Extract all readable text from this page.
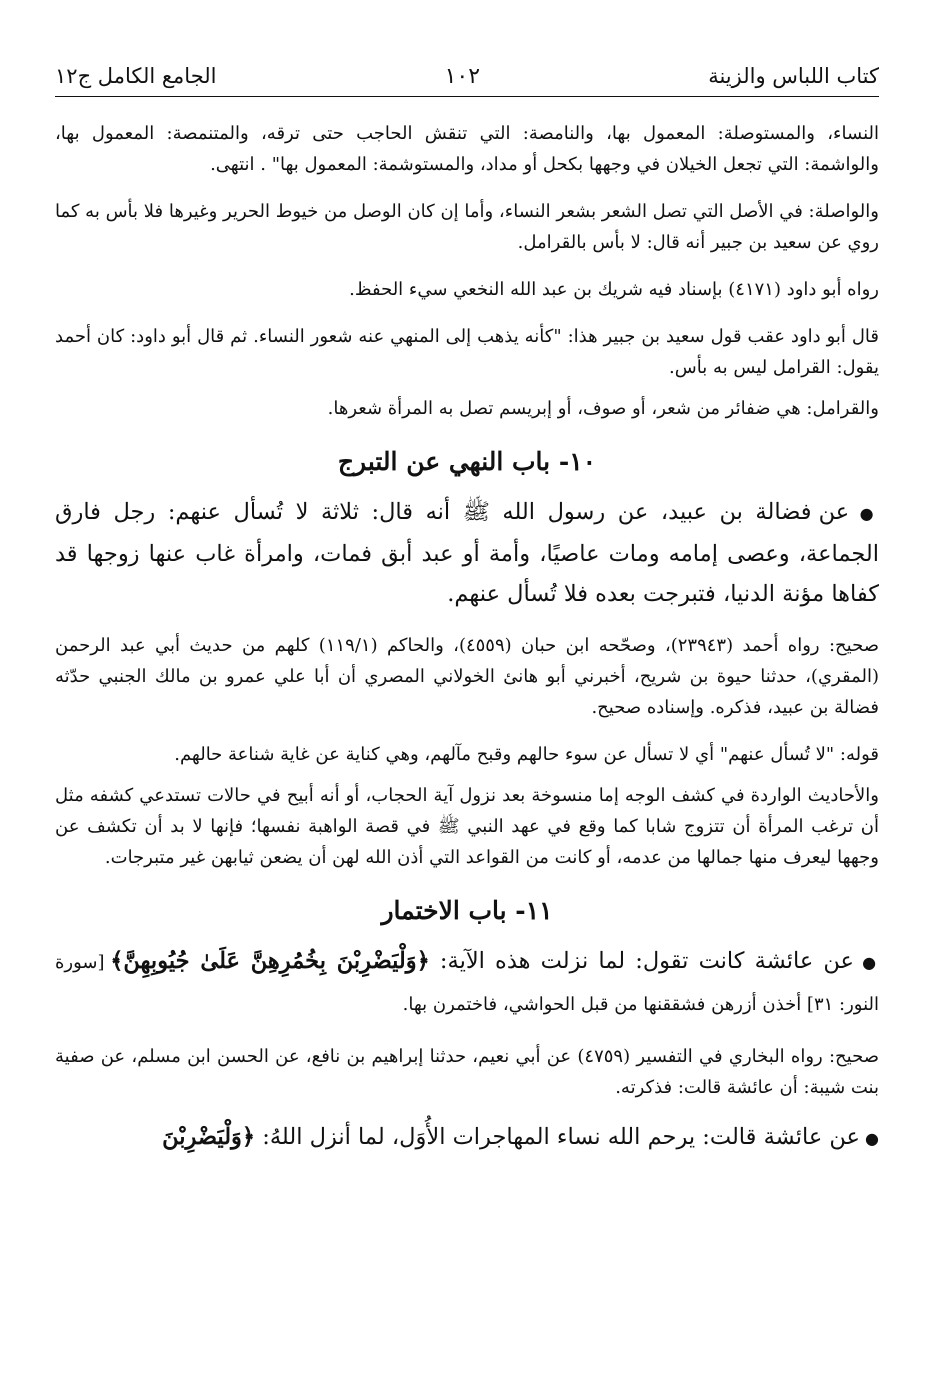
كتاب اللباس والزينة
١٠٢
الجامع الكامل ج١٢

النساء، والمستوصلة: المعمول بها، والنامصة: التي تنقش الحاجب حتى ترقه، والمتنمصة: المعمول بها، والواشمة: التي تجعل الخيلان في وجهها بكحل أو مداد، والمستوشمة: المعمول بها" . انتهى.

والواصلة: في الأصل التي تصل الشعر بشعر النساء، وأما إن كان الوصل من خيوط الحرير وغيرها فلا بأس به كما روي عن سعيد بن جبير أنه قال: لا بأس بالقرامل.

رواه أبو داود (٤١٧١) بإسناد فيه شريك بن عبد الله النخعي سيء الحفظ.

قال أبو داود عقب قول سعيد بن جبير هذا: "كأنه يذهب إلى المنهي عنه شعور النساء. ثم قال أبو داود: كان أحمد يقول: القرامل ليس به بأس.

والقرامل: هي ضفائر من شعر، أو صوف، أو إبريسم تصل به المرأة شعرها.

١٠- باب النهي عن التبرج

● عن فضالة بن عبيد، عن رسول الله ﷺ أنه قال: ثلاثة لا تُسأل عنهم: رجل فارق الجماعة، وعصى إمامه ومات عاصيًا، وأمة أو عبد أبق فمات، وامرأة غاب عنها زوجها قد كفاها مؤنة الدنيا، فتبرجت بعده فلا تُسأل عنهم.

صحيح: رواه أحمد (٢٣٩٤٣)، وصحّحه ابن حبان (٤٥٥٩)، والحاكم (١١٩/١) كلهم من حديث أبي عبد الرحمن (المقري)، حدثنا حيوة بن شريح، أخبرني أبو هانئ الخولاني المصري أن أبا علي عمرو بن مالك الجنبي حدّثه فضالة بن عبيد، فذكره. وإسناده صحيح.

قوله: "لا تُسأل عنهم" أي لا تسأل عن سوء حالهم وقبح مآلهم، وهي كناية عن غاية شناعة حالهم.

والأحاديث الواردة في كشف الوجه إما منسوخة بعد نزول آية الحجاب، أو أنه أبيح في حالات تستدعي كشفه مثل أن ترغب المرأة أن تتزوج شابا كما وقع في عهد النبي ﷺ في قصة الواهبة نفسها؛ فإنها لا بد أن تكشف عن وجهها ليعرف منها جمالها من عدمه، أو كانت من القواعد التي أذن الله لهن أن يضعن ثيابهن غير متبرجات.

١١- باب الاختمار

● عن عائشة كانت تقول: لما نزلت هذه الآية: ﴿وَلْيَضْرِبْنَ بِخُمُرِهِنَّ عَلَىٰ جُيُوبِهِنَّ﴾ [سورة النور: ٣١] أخذن أزرهن فشققنها من قبل الحواشي، فاختمرن بها.

صحيح: رواه البخاري في التفسير (٤٧٥٩) عن أبي نعيم، حدثنا إبراهيم بن نافع، عن الحسن ابن مسلم، عن صفية بنت شيبة: أن عائشة قالت: فذكرته.

● عن عائشة قالت: يرحم الله نساء المهاجرات الأُوَل، لما أنزل اللهُ: ﴿وَلْيَضْرِبْنَ
